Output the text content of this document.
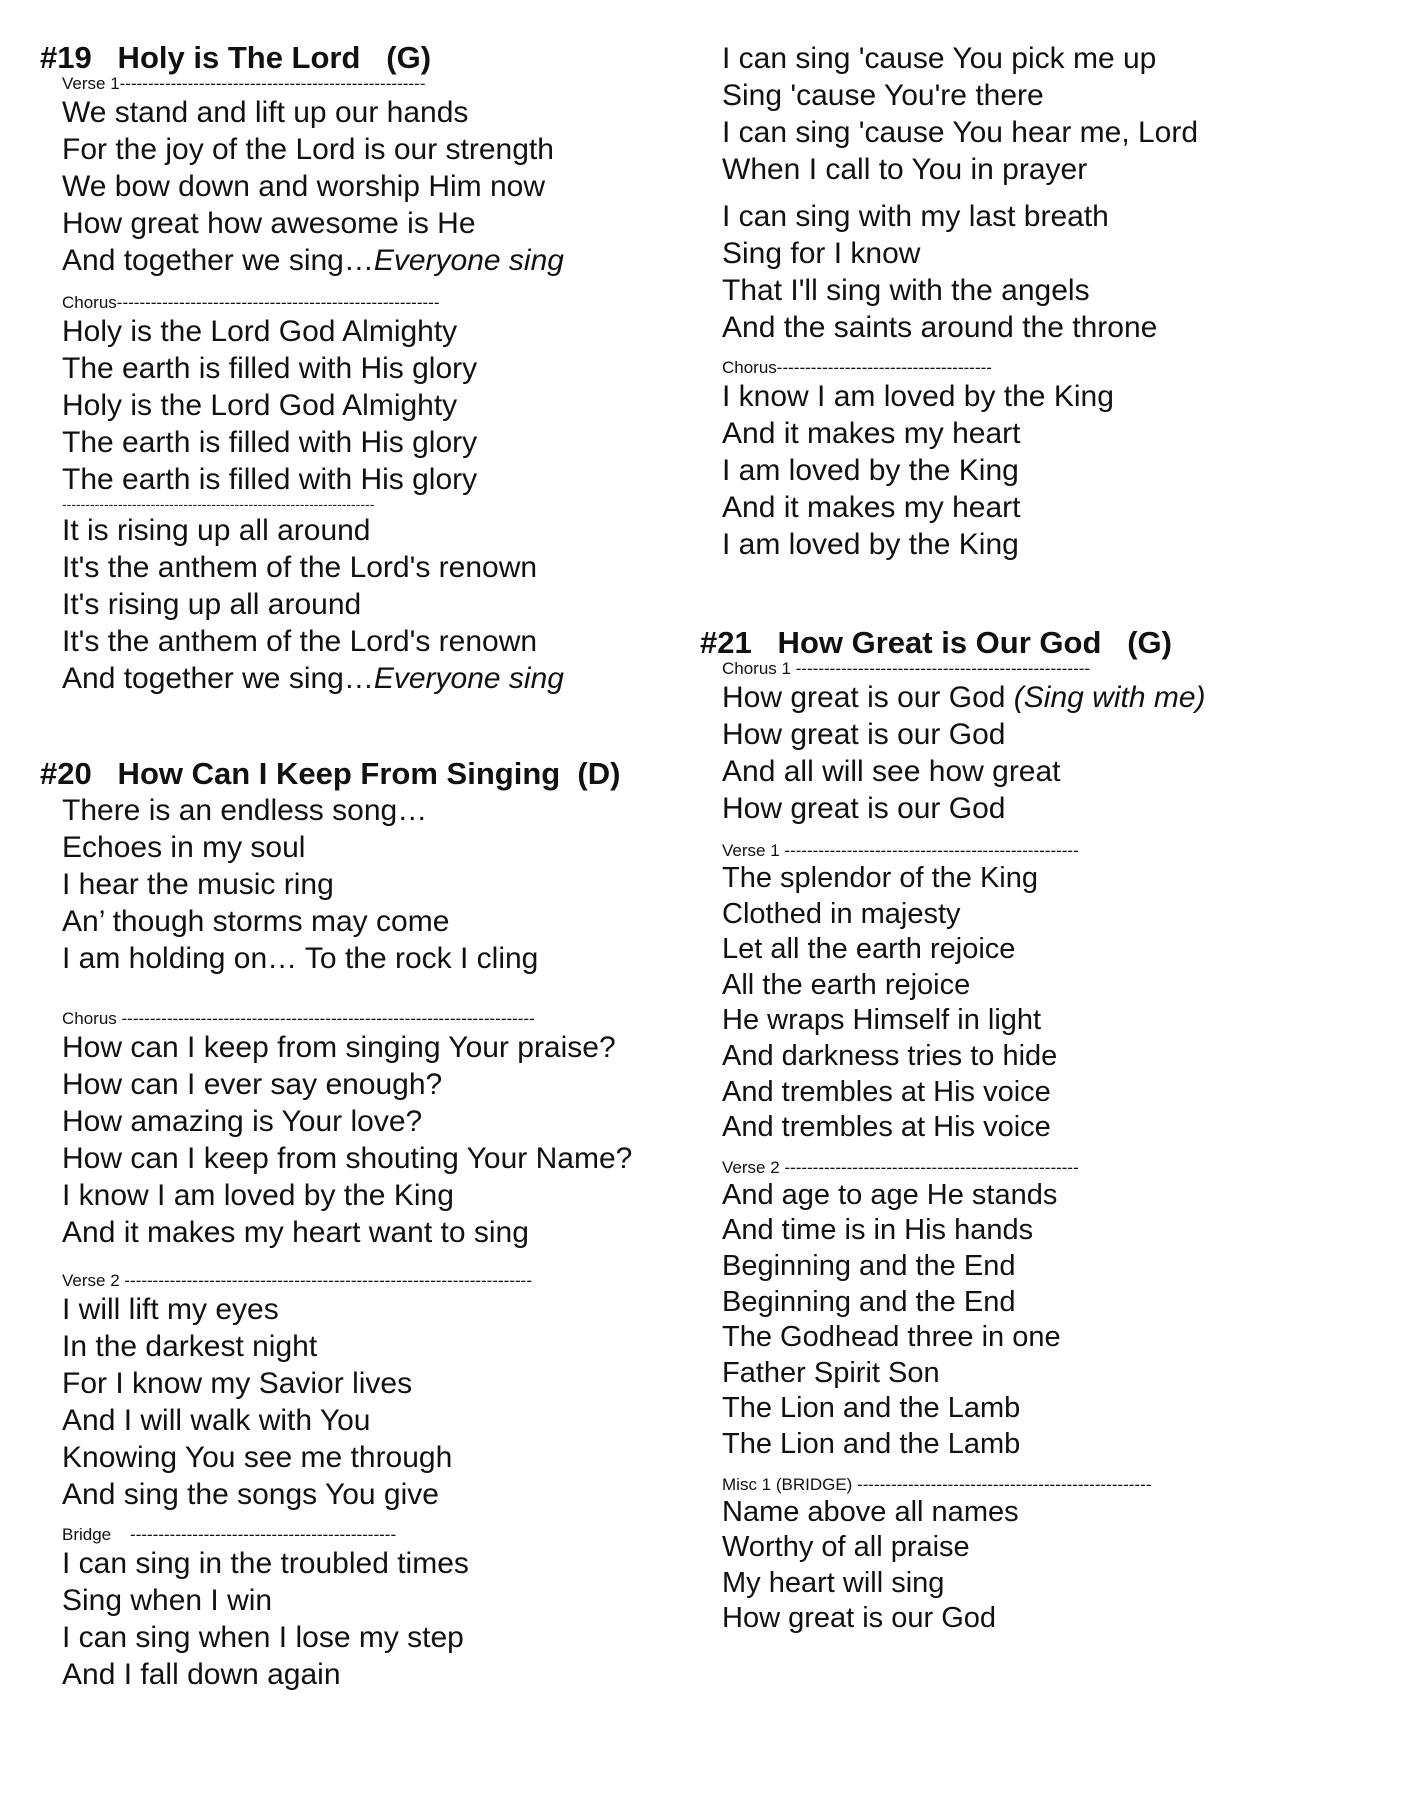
#19   Holy is The Lord   (G)
Verse 1------------------------------------------------------
We stand and lift up our hands
For the joy of the Lord is our strength
We bow down and worship Him now
How great how awesome is He
And together we sing…Everyone sing
Chorus---------------------------------------------------------
Holy is the Lord God Almighty
The earth is filled with His glory
Holy is the Lord God Almighty
The earth is filled with His glory
The earth is filled with His glory
-------------------------------------------------------------------
It is rising up all around
It's the anthem of the Lord's renown
It's rising up all around
It's the anthem of the Lord's renown
And together we sing…Everyone sing
#20   How Can I Keep From Singing  (D)
There is an endless song…
Echoes in my soul
I hear the music ring
An’ though storms may come
I am holding on… To the rock I cling
Chorus -------------------------------------------------------------------------
How can I keep from singing Your praise?
How can I ever say enough?
How amazing is Your love?
How can I keep from shouting Your Name?
I know I am loved by the King
And it makes my heart want to sing
Verse 2 ------------------------------------------------------------------------
I will lift my eyes
In the darkest night
For I know my Savior lives
And I will walk with You
Knowing You see me through
And sing the songs You give
Bridge    -----------------------------------------------
I can sing in the troubled times
Sing when I win
I can sing when I lose my step
And I fall down again
I can sing 'cause You pick me up
Sing 'cause You're there
I can sing 'cause You hear me, Lord
When I call to You in prayer
I can sing with my last breath
Sing for I know
That I'll sing with the angels
And the saints around the throne
Chorus--------------------------------------
I know I am loved by the King
And it makes my heart
I am loved by the King
And it makes my heart
I am loved by the King
#21   How Great is Our God   (G)
Chorus 1 ----------------------------------------------------
How great is our God (Sing with me)
How great is our God
And all will see how great
How great is our God
Verse 1 ----------------------------------------------------
The splendor of the King
Clothed in majesty
Let all the earth rejoice
All the earth rejoice
He wraps Himself in light
And darkness tries to hide
And trembles at His voice
And trembles at His voice
Verse 2 ----------------------------------------------------
And age to age He stands
And time is in His hands
Beginning and the End
Beginning and the End
The Godhead three in one
Father Spirit Son
The Lion and the Lamb
The Lion and the Lamb
Misc 1 (BRIDGE) ----------------------------------------------------
Name above all names
Worthy of all praise
My heart will sing
How great is our God
